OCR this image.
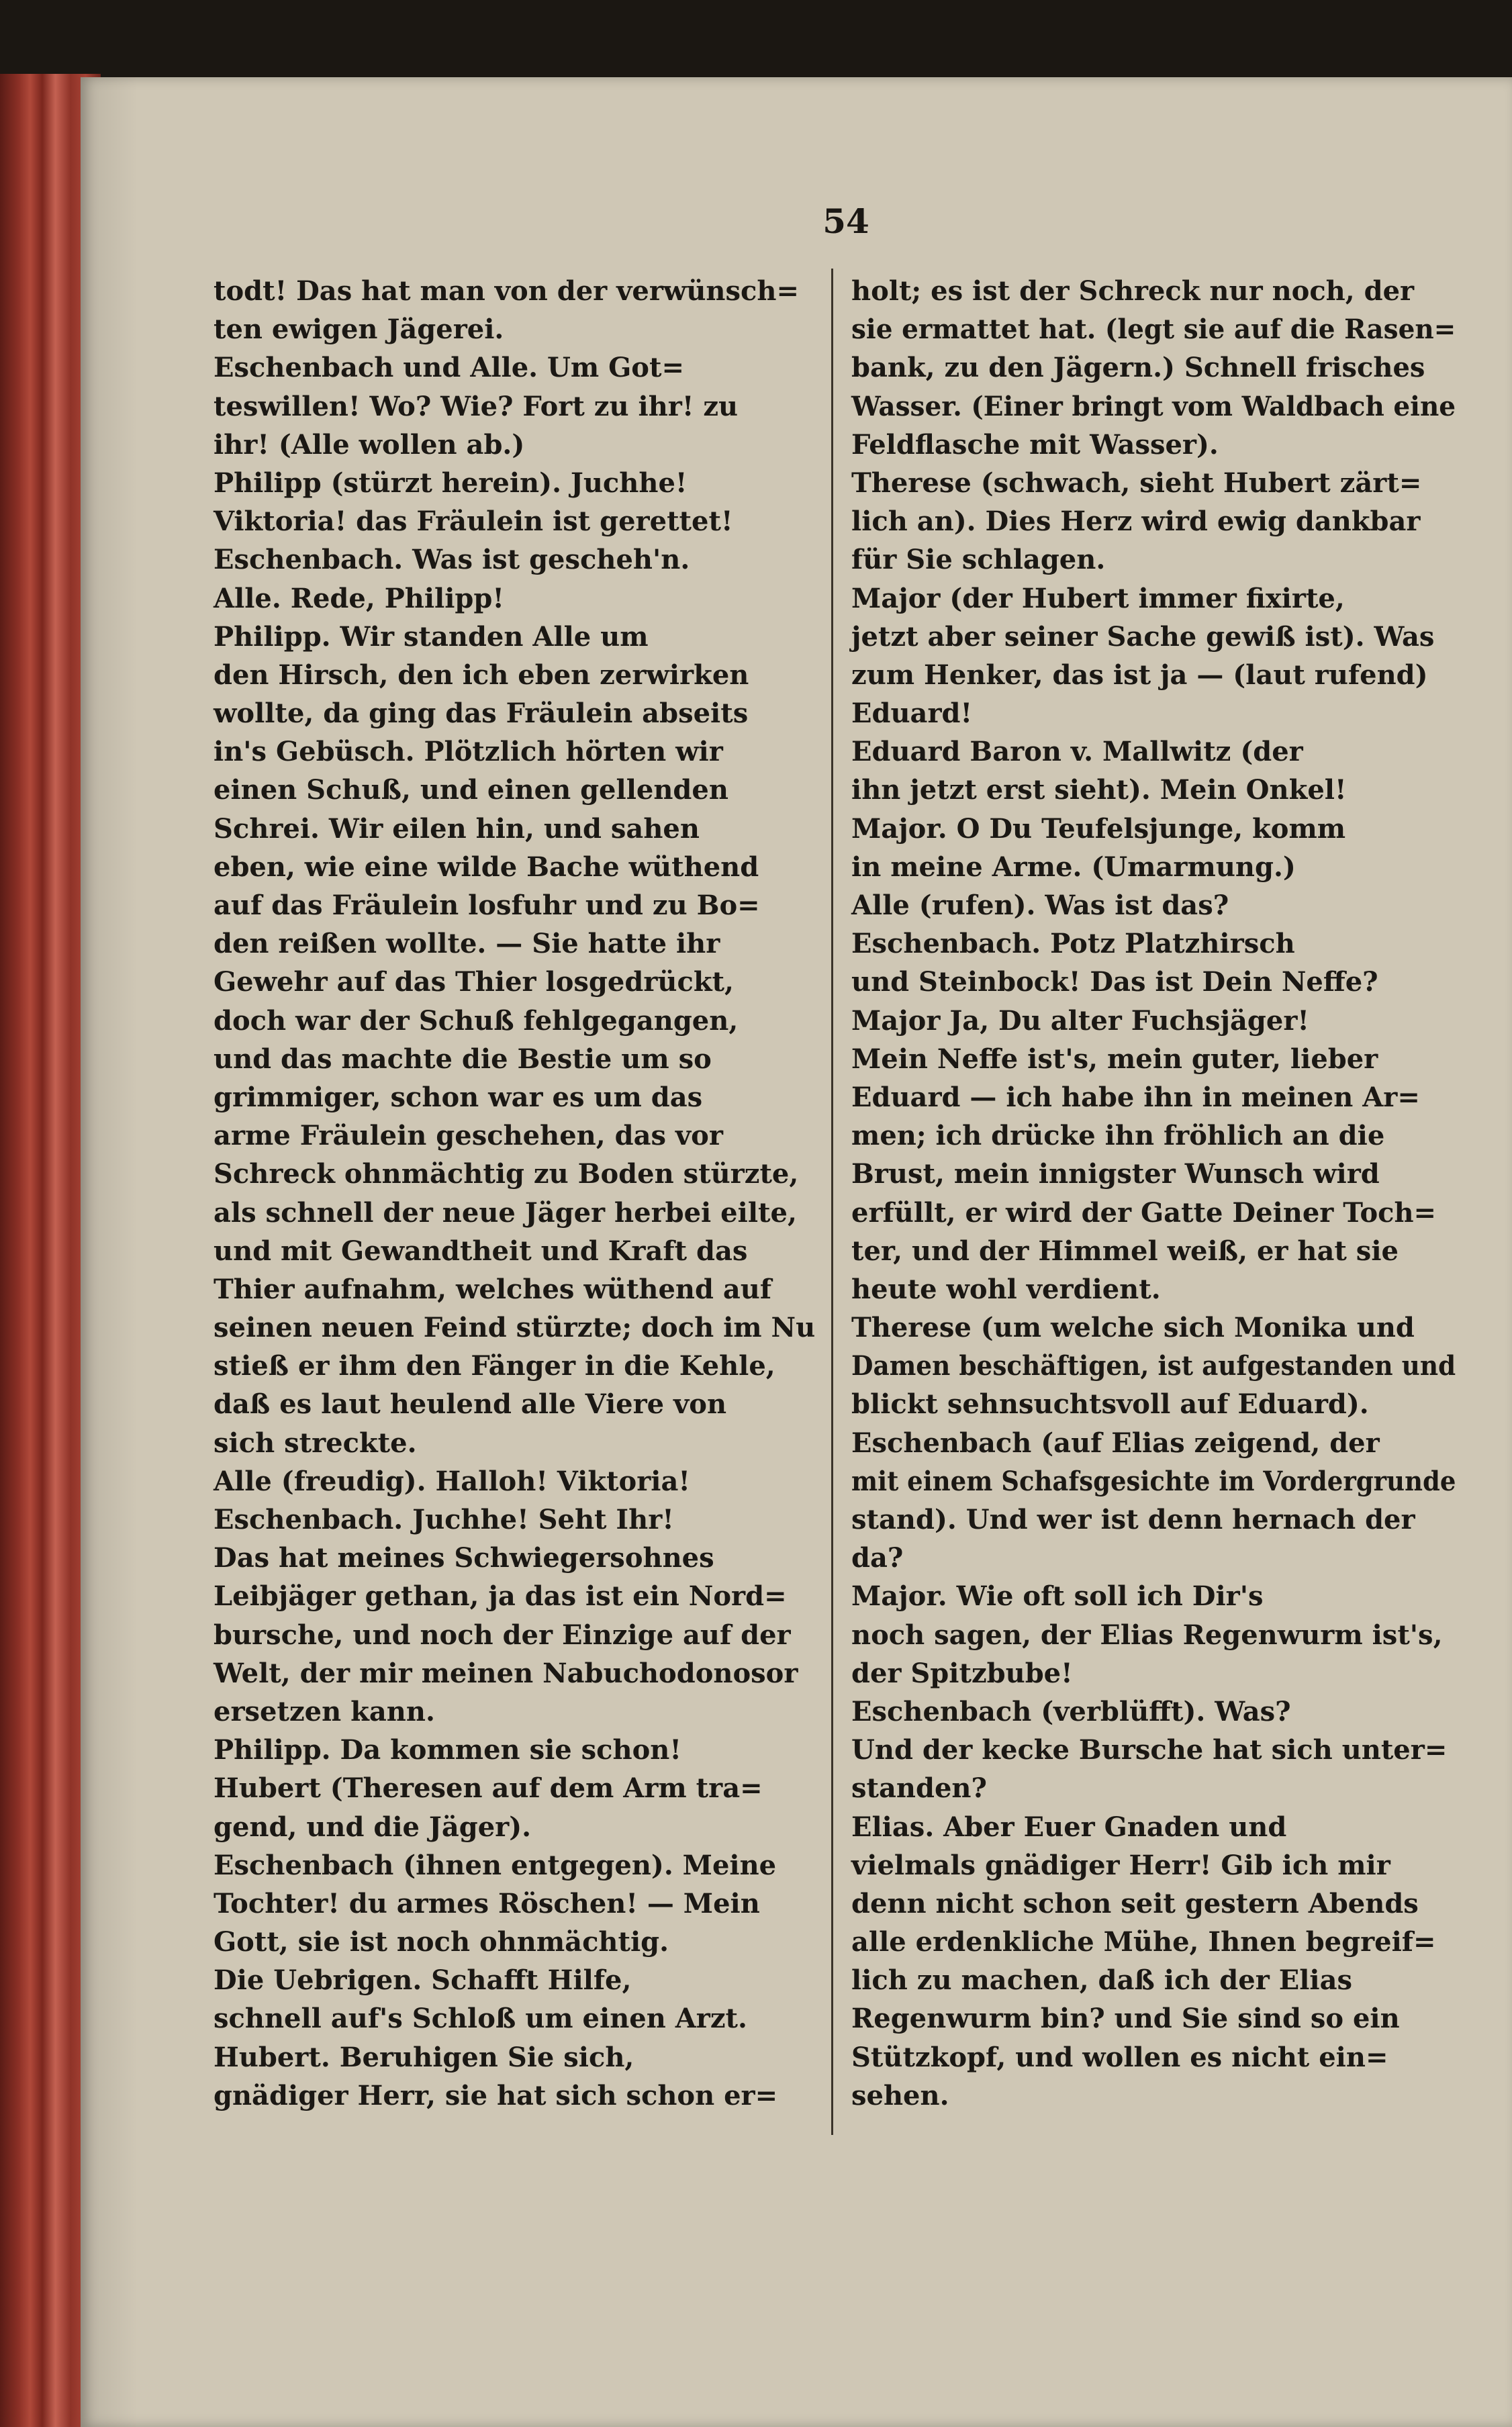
54
todt! Das hat man von der verwünsch=
ten ewigen Jägerei.
Eschenbach und Alle. Um Got=
teswillen! Wo? Wie? Fort zu ihr! zu
ihr! (Alle wollen ab.)
Philipp (stürzt herein). Juchhe!
Viktoria! das Fräulein ist gerettet!
Eschenbach. Was ist gescheh'n.
Alle. Rede, Philipp!
Philipp. Wir standen Alle um
den Hirsch, den ich eben zerwirken
wollte, da ging das Fräulein abseits
in's Gebüsch. Plötzlich hörten wir
einen Schuß, und einen gellenden
Schrei. Wir eilen hin, und sahen
eben, wie eine wilde Bache wüthend
auf das Fräulein losfuhr und zu Bo=
den reißen wollte. — Sie hatte ihr
Gewehr auf das Thier losgedrückt,
doch war der Schuß fehlgegangen,
und das machte die Bestie um so
grimmiger, schon war es um das
arme Fräulein geschehen, das vor
Schreck ohnmächtig zu Boden stürzte,
als schnell der neue Jäger herbei eilte,
und mit Gewandtheit und Kraft das
Thier aufnahm, welches wüthend auf
seinen neuen Feind stürzte; doch im Nu
stieß er ihm den Fänger in die Kehle,
daß es laut heulend alle Viere von
sich streckte.
Alle (freudig). Halloh! Viktoria!
Eschenbach. Juchhe! Seht Ihr!
Das hat meines Schwiegersohnes
Leibjäger gethan, ja das ist ein Nord=
bursche, und noch der Einzige auf der
Welt, der mir meinen Nabuchodonosor
ersetzen kann.
Philipp. Da kommen sie schon!
Hubert (Theresen auf dem Arm tra=
gend, und die Jäger).
Eschenbach (ihnen entgegen). Meine
Tochter! du armes Röschen! — Mein
Gott, sie ist noch ohnmächtig.
Die Uebrigen. Schafft Hilfe,
schnell auf's Schloß um einen Arzt.
Hubert. Beruhigen Sie sich,
gnädiger Herr, sie hat sich schon er=
holt; es ist der Schreck nur noch, der
sie ermattet hat. (legt sie auf die Rasen=
bank, zu den Jägern.) Schnell frisches
Wasser. (Einer bringt vom Waldbach eine
Feldflasche mit Wasser).
Therese (schwach, sieht Hubert zärt=
lich an). Dies Herz wird ewig dankbar
für Sie schlagen.
Major (der Hubert immer fixirte,
jetzt aber seiner Sache gewiß ist). Was
zum Henker, das ist ja — (laut rufend)
Eduard!
Eduard Baron v. Mallwitz (der
ihn jetzt erst sieht). Mein Onkel!
Major. O Du Teufelsjunge, komm
in meine Arme. (Umarmung.)
Alle (rufen). Was ist das?
Eschenbach. Potz Platzhirsch
und Steinbock! Das ist Dein Neffe?
Major Ja, Du alter Fuchsjäger!
Mein Neffe ist's, mein guter, lieber
Eduard — ich habe ihn in meinen Ar=
men; ich drücke ihn fröhlich an die
Brust, mein innigster Wunsch wird
erfüllt, er wird der Gatte Deiner Toch=
ter, und der Himmel weiß, er hat sie
heute wohl verdient.
Therese (um welche sich Monika und
Damen beschäftigen, ist aufgestanden und
blickt sehnsuchtsvoll auf Eduard).
Eschenbach (auf Elias zeigend, der
mit einem Schafsgesichte im Vordergrunde
stand). Und wer ist denn hernach der
da?
Major. Wie oft soll ich Dir's
noch sagen, der Elias Regenwurm ist's,
der Spitzbube!
Eschenbach (verblüfft). Was?
Und der kecke Bursche hat sich unter=
standen?
Elias. Aber Euer Gnaden und
vielmals gnädiger Herr! Gib ich mir
denn nicht schon seit gestern Abends
alle erdenkliche Mühe, Ihnen begreif=
lich zu machen, daß ich der Elias
Regenwurm bin? und Sie sind so ein
Stützkopf, und wollen es nicht ein=
sehen.
